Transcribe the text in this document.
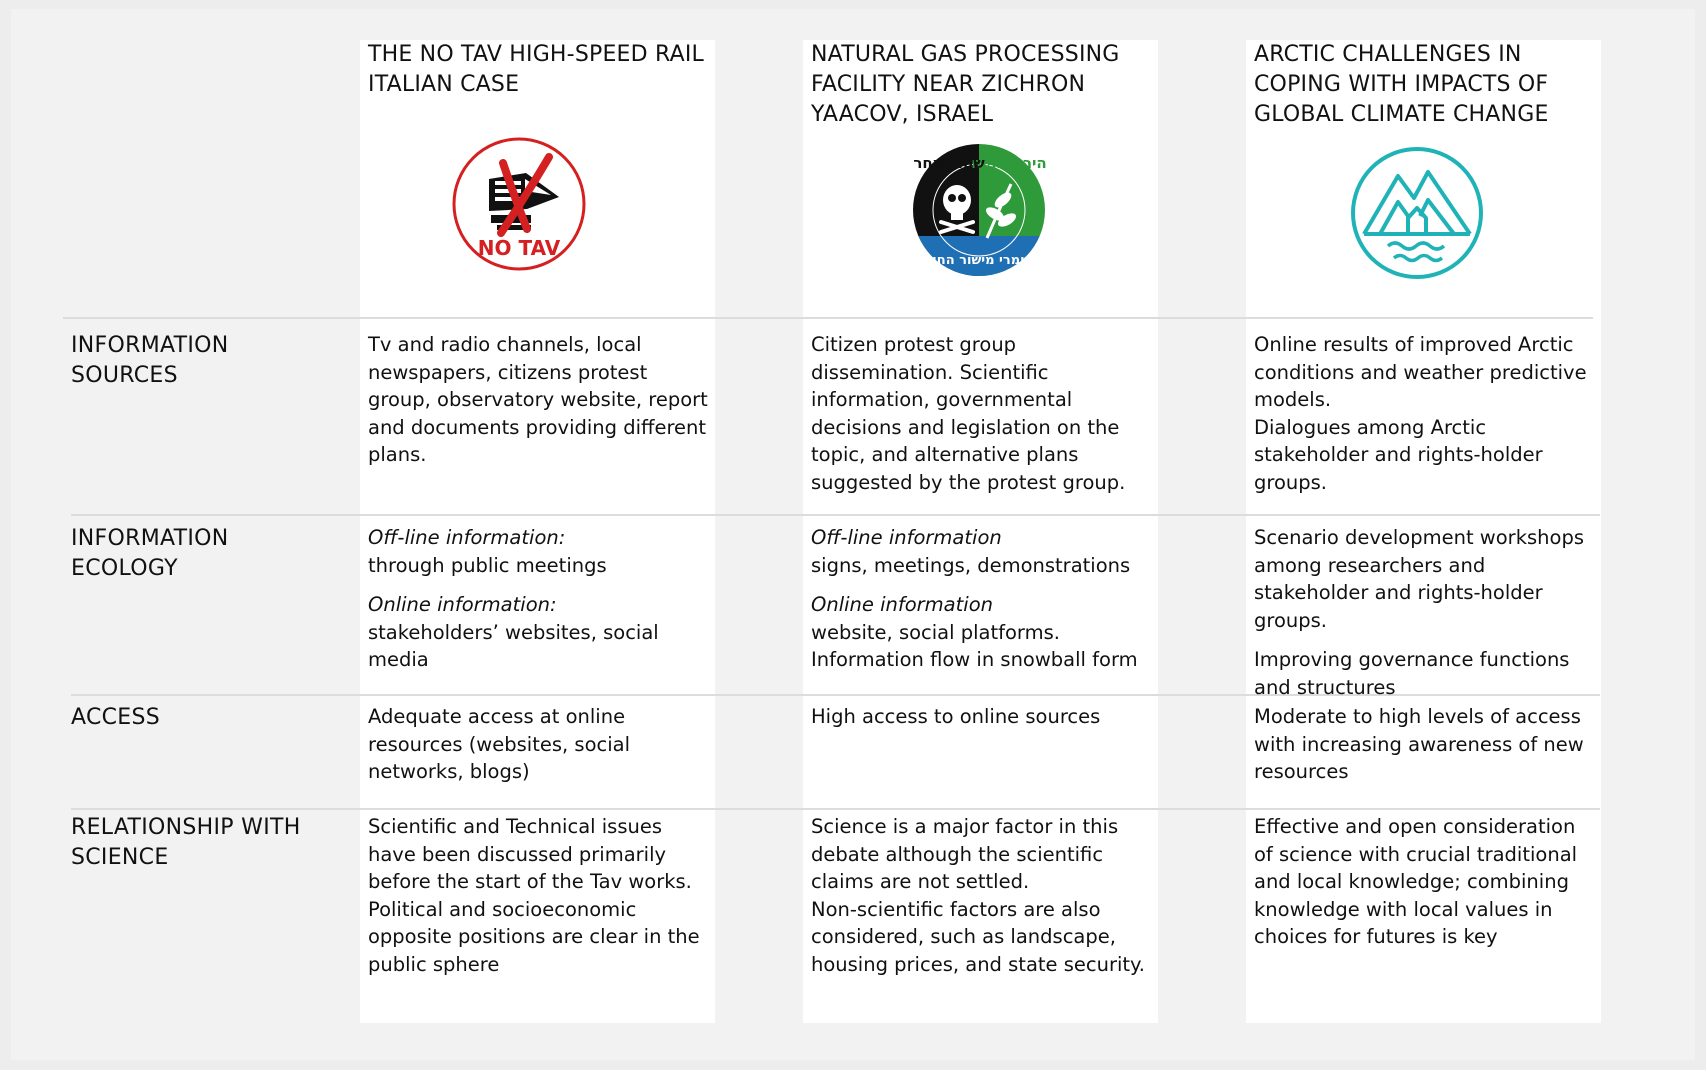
THE NO TAV HIGH-SPEED RAIL ITALIAN CASE
NATURAL GAS PROCESSING FACILITY NEAR ZICHRON YAACOV, ISRAEL
ARCTIC CHALLENGES IN COPING WITH IMPACTS OF GLOBAL CLIMATE CHANGE
NO TAV
הירוק היום
שחור מחר
שומרי מישור החוף
INFORMATION SOURCES
INFORMATION ECOLOGY
ACCESS
RELATIONSHIP WITH SCIENCE
Tv and radio channels, local newspapers, citizens protest group, observatory website, report and documents providing different plans.
Citizen protest group dissemination. Scientific information, governmental decisions and legislation on the topic, and alternative plans suggested by the protest group.
Online results of improved Arctic conditions and weather predictive models.
Dialogues among Arctic stakeholder and rights-holder groups.
Off-line information:
through public meetings
Online information:
stakeholders’ websites, social media
Off-line information
signs, meetings, demonstrations
Online information
website, social platforms.
Information flow in snowball form
Scenario development workshops among researchers and stakeholder and rights-holder groups.
Improving governance functions and structures
Adequate access at online resources (websites, social networks, blogs)
High access to online sources	Moderate to high levels of access with increasing awareness of new resources
Scientific and Technical issues have been discussed primarily before the start of the Tav works.
Political and socioeconomic opposite positions are clear in the public sphere
Science is a major factor in this debate although the scientific claims are not settled.
Non-scientific factors are also considered, such as landscape, housing prices, and state security.
Effective and open consideration of science with crucial traditional and local knowledge; combining knowledge with local values in choices for futures is key
